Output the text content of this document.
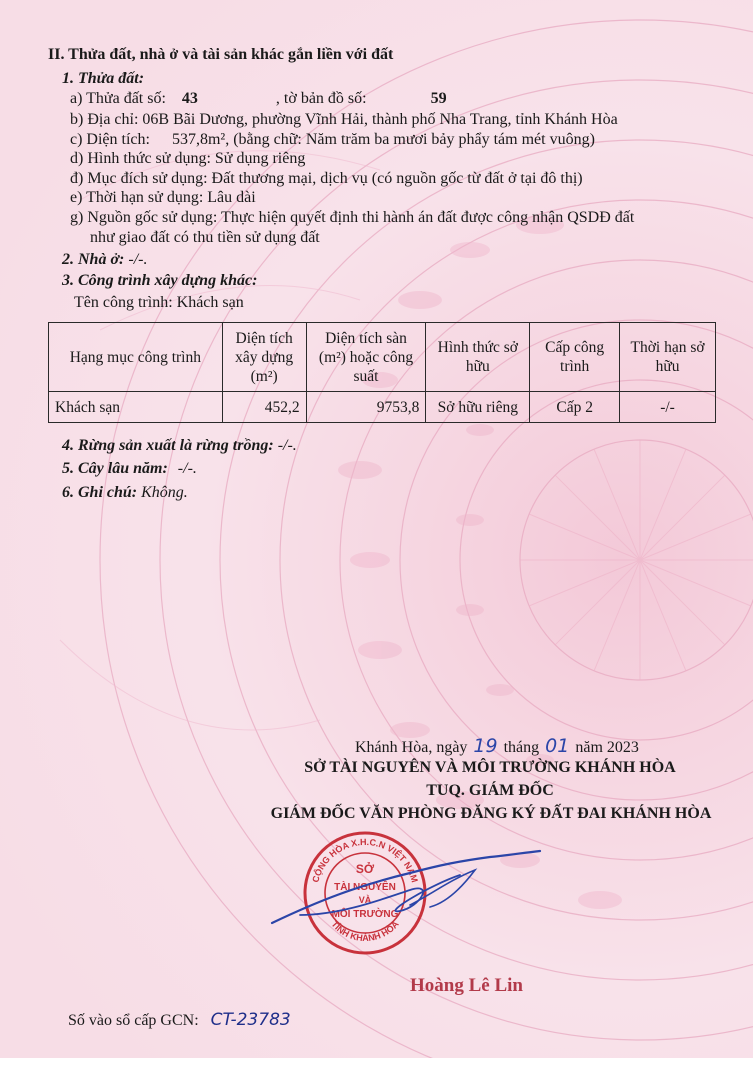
II. Thửa đất, nhà ở và tài sản khác gắn liền với đất
1. Thửa đất:
a) Thửa đất số: 43	, tờ bản đồ số:	59
b) Địa chỉ: 06B Bãi Dương, phường Vĩnh Hải, thành phố Nha Trang, tỉnh Khánh Hòa
c) Diện tích: 537,8m², (bằng chữ: Năm trăm ba mươi bảy phẩy tám mét vuông)
d) Hình thức sử dụng: Sử dụng riêng
đ) Mục đích sử dụng: Đất thương mại, dịch vụ (có nguồn gốc từ đất ở tại đô thị)
e) Thời hạn sử dụng: Lâu dài
g) Nguồn gốc sử dụng: Thực hiện quyết định thi hành án đất được công nhận QSDĐ đất
như giao đất có thu tiền sử dụng đất
2. Nhà ở: -/-.
3. Công trình xây dựng khác:
Tên công trình: Khách sạn
Hạng mục công trình	Diện tích xây dựng (m²)	Diện tích sàn (m²) hoặc công suất	Hình thức sở hữu	Cấp công trình	Thời hạn sở hữu
Khách sạn	452,2	9753,8	Sở hữu riêng	Cấp 2	-/-
4. Rừng sản xuất là rừng trồng: -/-.
5. Cây lâu năm: -/-.
6. Ghi chú: Không.
Khánh Hòa, ngày 19 tháng 01 năm 2023
SỞ TÀI NGUYÊN VÀ MÔI TRƯỜNG KHÁNH HÒA
TUQ. GIÁM ĐỐC
GIÁM ĐỐC VĂN PHÒNG ĐĂNG KÝ ĐẤT ĐAI KHÁNH HÒA
CỘNG HÒA X.H.C.N VIỆT NAM
TỈNH KHÁNH HÒA
SỞ
TÀI NGUYÊN
VÀ
MÔI TRƯỜNG
Hoàng Lê Lin
Số vào sổ cấp GCN: CT-23783
